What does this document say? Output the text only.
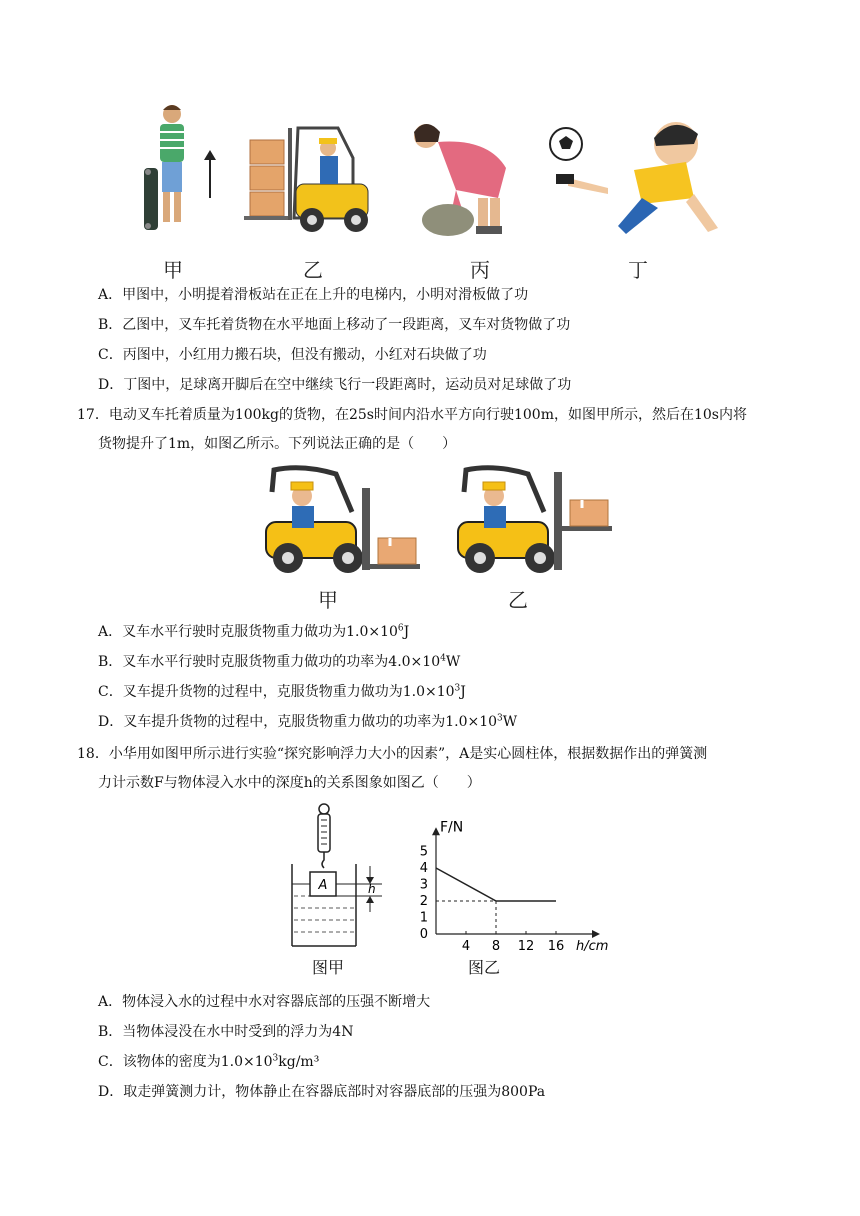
甲	乙	丙	丁
A．甲图中，小明提着滑板站在正在上升的电梯内，小明对滑板做了功
B．乙图中，叉车托着货物在水平地面上移动了一段距离，叉车对货物做了功
C．丙图中，小红用力搬石块，但没有搬动，小红对石块做了功
D．丁图中，足球离开脚后在空中继续飞行一段距离时，运动员对足球做了功
17．电动叉车托着质量为100kg的货物，在25s时间内沿水平方向行驶100m，如图甲所示，然后在10s内将
货物提升了1m，如图乙所示。下列说法正确的是（　　）
甲	乙
A．叉车水平行驶时克服货物重力做功为$1.0\times 10^6J$
B．叉车水平行驶时克服货物重力做功的功率为$4.0\times 10^4W$
C．叉车提升货物的过程中，克服货物重力做功为$1.0\times 10^3J$
D．叉车提升货物的过程中，克服货物重力做功的功率为$1.0\times 10^3W$
18．小华用如图甲所示进行实验“探究影响浮力大小的因素”，A是实心圆柱体，根据数据作出的弹簧测
力计示数F与物体浸入水中的深度h的关系图象如图乙（　　）
A	h
图甲
F/N
h/cm
0
1
2
3
4
5
4 8 12 16
图乙
A．物体浸入水的过程中水对容器底部的压强不断增大
B．当物体浸没在水中时受到的浮力为4N
C．该物体的密度为$1.0\times 10^3kg/m^3$
D．取走弹簧测力计，物体静止在容器底部时对容器底部的压强为800Pa
